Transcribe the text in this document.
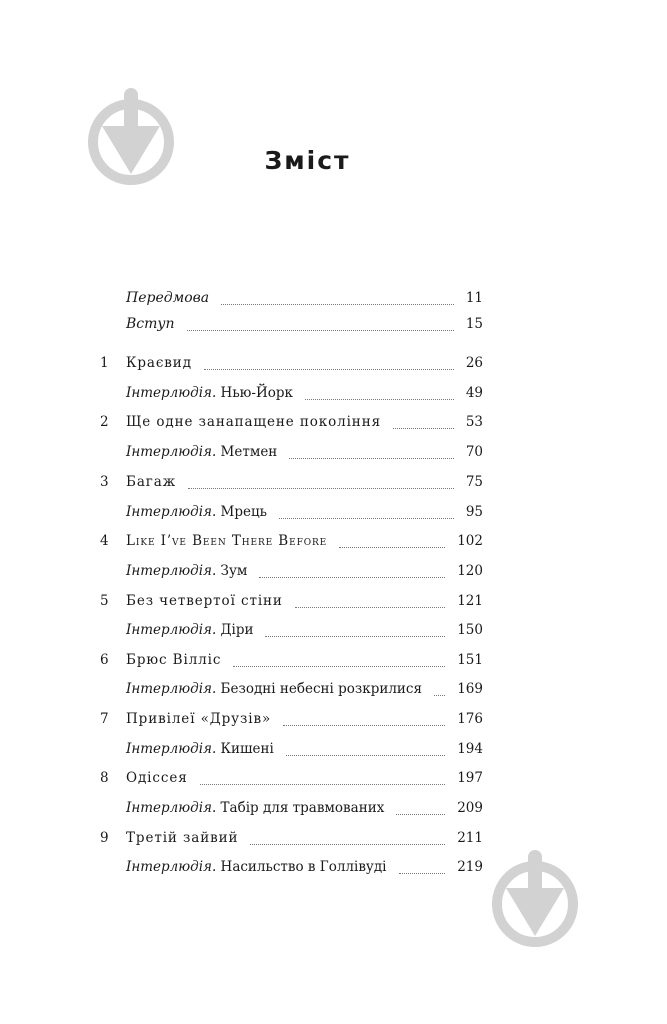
Зміст
Передмова	11
Вступ	15
1	Краєвид	26
Інтерлюдія. Нью-Йорк	49
2	Ще одне занапащене покоління	53
Інтерлюдія. Метмен	70
3	Багаж	75
Інтерлюдія. Мрець	95
4	Like I’ve Been There Before	102
Інтерлюдія. Зум	120
5	Без четвертої стіни	121
Інтерлюдія. Діри	150
6	Брюс Вілліс	151
Інтерлюдія. Безодні небесні розкрилися	169
7	Привілеї «Друзів»	176
Інтерлюдія. Кишені	194
8	Одіссея	197
Інтерлюдія. Табір для травмованих	209
9	Третій зайвий	211
Інтерлюдія. Насильство в Голлівуді	219
